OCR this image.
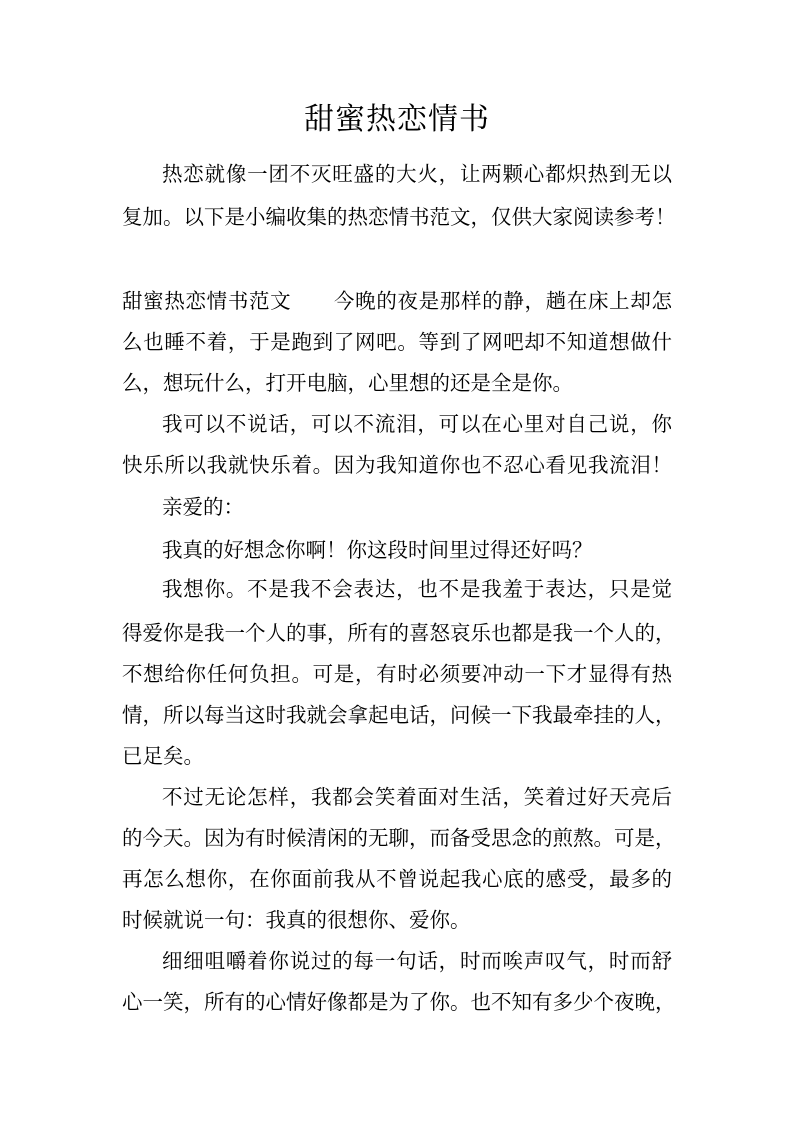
甜蜜热恋情书
热恋就像一团不灭旺盛的大火，让两颗心都炽热到无以
复加。以下是小编收集的热恋情书范文，仅供大家阅读参考！
甜蜜热恋情书范文 今晚的夜是那样的静，趟在床上却怎
么也睡不着，于是跑到了网吧。等到了网吧却不知道想做什
么，想玩什么，打开电脑，心里想的还是全是你。
我可以不说话，可以不流泪，可以在心里对自己说，你
快乐所以我就快乐着。因为我知道你也不忍心看见我流泪！
亲爱的：
我真的好想念你啊！你这段时间里过得还好吗？
我想你。不是我不会表达，也不是我羞于表达，只是觉
得爱你是我一个人的事，所有的喜怒哀乐也都是我一个人的，
不想给你任何负担。可是，有时必须要冲动一下才显得有热
情，所以每当这时我就会拿起电话，问候一下我最牵挂的人，
已足矣。
不过无论怎样，我都会笑着面对生活，笑着过好天亮后
的今天。因为有时候清闲的无聊，而备受思念的煎熬。可是，
再怎么想你，在你面前我从不曾说起我心底的感受，最多的
时候就说一句：我真的很想你、爱你。
细细咀嚼着你说过的每一句话，时而唉声叹气，时而舒
心一笑，所有的心情好像都是为了你。也不知有多少个夜晚，
